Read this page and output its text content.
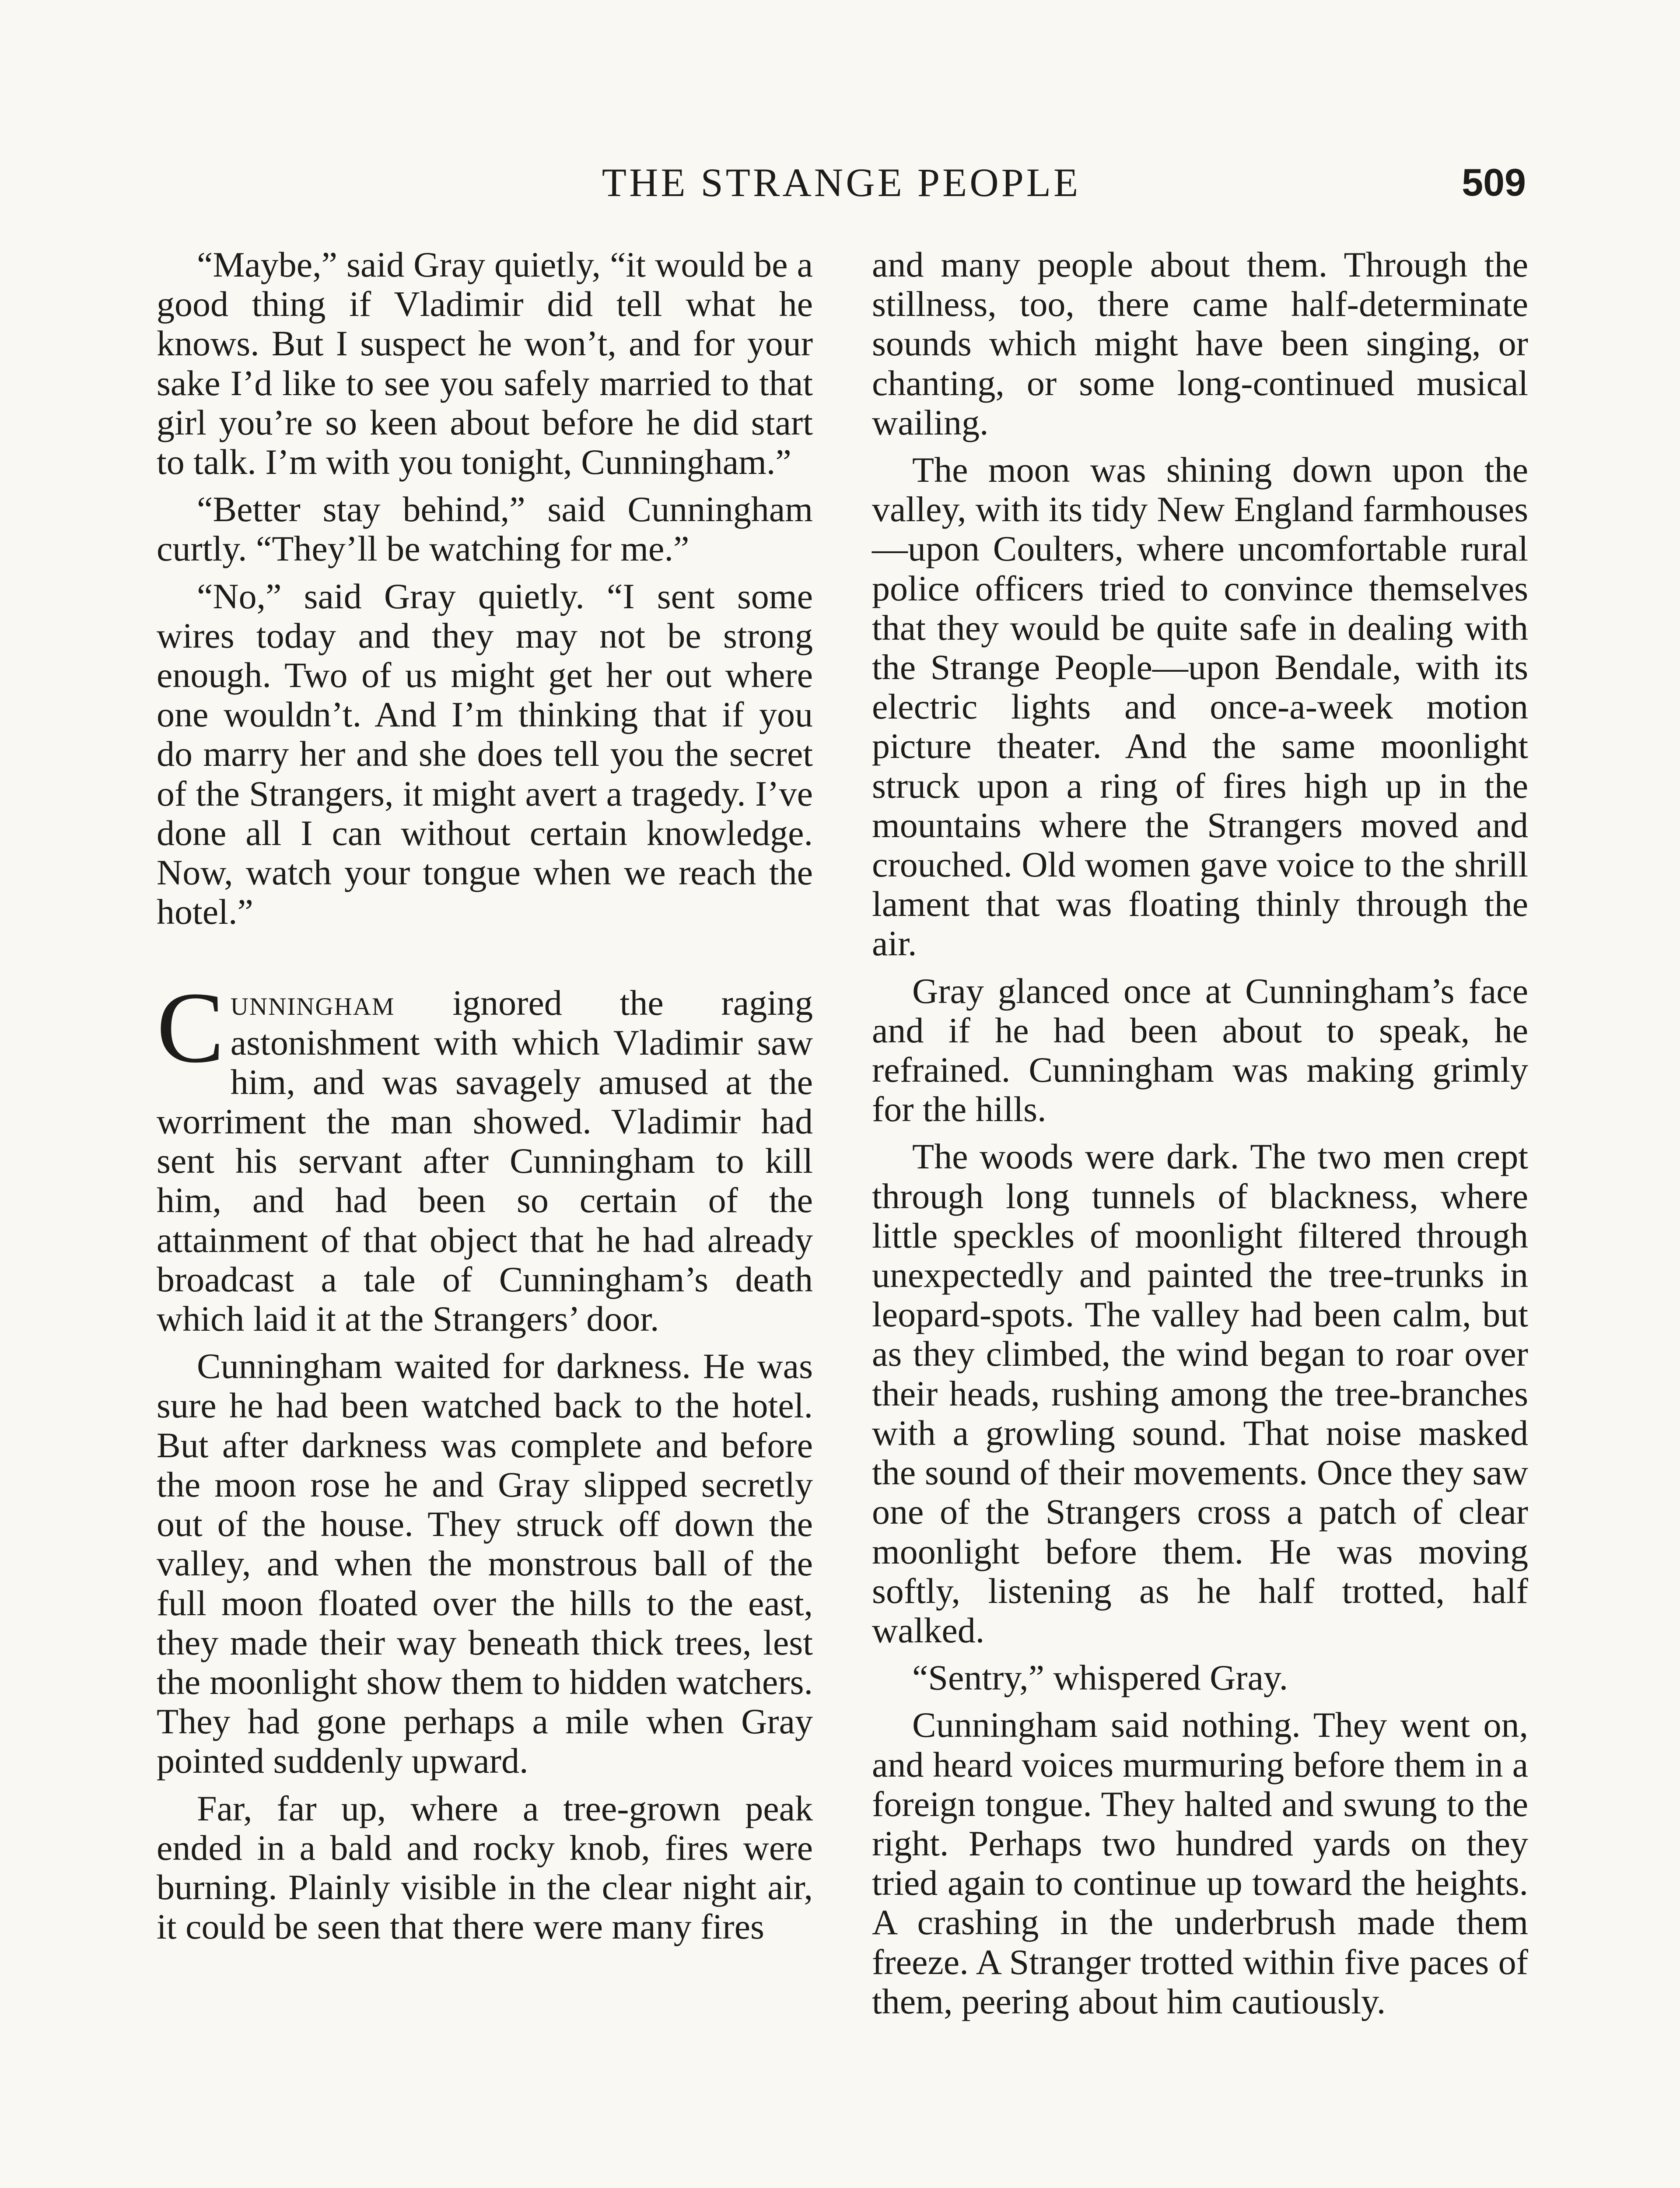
THE STRANGE PEOPLE	509

“Maybe,” said Gray quietly, “it would be a good thing if Vladimir did tell what he knows. But I suspect he won’t, and for your sake I’d like to see you safely married to that girl you’re so keen about before he did start to talk. I’m with you tonight, Cunningham.”

“Better stay behind,” said Cunningham curtly. “They’ll be watching for me.”

“No,” said Gray quietly. “I sent some wires today and they may not be strong enough. Two of us might get her out where one wouldn’t. And I’m thinking that if you do marry her and she does tell you the secret of the Strangers, it might avert a tragedy. I’ve done all I can without certain knowledge. Now, watch your tongue when we reach the hotel.”

Cunningham ignored the raging astonishment with which Vladimir saw him, and was savagely amused at the worriment the man showed. Vladimir had sent his servant after Cunningham to kill him, and had been so certain of the attainment of that object that he had already broadcast a tale of Cunningham’s death which laid it at the Strangers’ door.

Cunningham waited for darkness. He was sure he had been watched back to the hotel. But after darkness was complete and before the moon rose he and Gray slipped secretly out of the house. They struck off down the valley, and when the monstrous ball of the full moon floated over the hills to the east, they made their way beneath thick trees, lest the moonlight show them to hidden watchers. They had gone perhaps a mile when Gray pointed suddenly upward.

Far, far up, where a tree-grown peak ended in a bald and rocky knob, fires were burning. Plainly visible in the clear night air, it could be seen that there were many fires

and many people about them. Through the stillness, too, there came half-determinate sounds which might have been singing, or chanting, or some long-continued musical wailing.

The moon was shining down upon the valley, with its tidy New England farmhouses—upon Coulters, where uncomfortable rural police officers tried to convince themselves that they would be quite safe in dealing with the Strange People—upon Bendale, with its electric lights and once-a-week motion picture theater. And the same moonlight struck upon a ring of fires high up in the mountains where the Strangers moved and crouched. Old women gave voice to the shrill lament that was floating thinly through the air.

Gray glanced once at Cunningham’s face and if he had been about to speak, he refrained. Cunningham was making grimly for the hills.

The woods were dark. The two men crept through long tunnels of blackness, where little speckles of moonlight filtered through unexpectedly and painted the tree-trunks in leopard-spots. The valley had been calm, but as they climbed, the wind began to roar over their heads, rushing among the tree-branches with a growling sound. That noise masked the sound of their movements. Once they saw one of the Strangers cross a patch of clear moonlight before them. He was moving softly, listening as he half trotted, half walked.

“Sentry,” whispered Gray.

Cunningham said nothing. They went on, and heard voices murmuring before them in a foreign tongue. They halted and swung to the right. Perhaps two hundred yards on they tried again to continue up toward the heights. A crashing in the underbrush made them freeze. A Stranger trotted within five paces of them, peering about him cautiously.
